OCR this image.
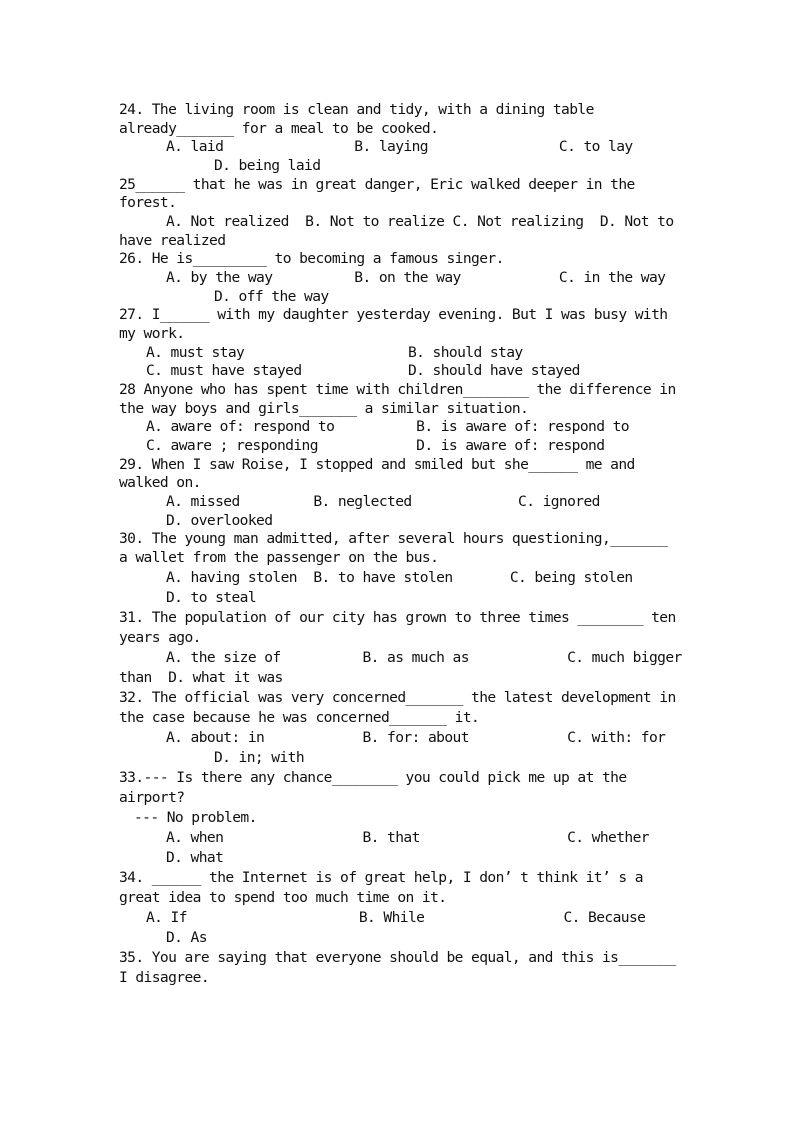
24. The living room is clean and tidy, with a dining table
already_______ for a meal to be cooked.
A. laid                B. laying                C. to lay
D. being laid
25______ that he was in great danger, Eric walked deeper in the
forest.
A. Not realized  B. Not to realize C. Not realizing  D. Not to
have realized
26. He is_________ to becoming a famous singer.
A. by the way          B. on the way            C. in the way
D. off the way
27. I______ with my daughter yesterday evening. But I was busy with
my work.
A. must stay                    B. should stay
C. must have stayed             D. should have stayed
28 Anyone who has spent time with children________ the difference in
the way boys and girls_______ a similar situation.
A. aware of: respond to          B. is aware of: respond to
C. aware ; responding            D. is aware of: respond
29. When I saw Roise, I stopped and smiled but she______ me and
walked on.
A. missed         B. neglected             C. ignored
D. overlooked
30. The young man admitted, after several hours questioning,_______
a wallet from the passenger on the bus.
A. having stolen  B. to have stolen       C. being stolen
D. to steal
31. The population of our city has grown to three times ________ ten
years ago.
A. the size of          B. as much as            C. much bigger
than  D. what it was
32. The official was very concerned_______ the latest development in
the case because he was concerned_______ it.
A. about: in            B. for: about            C. with: for
D. in; with
33.--- Is there any chance________ you could pick me up at the
airport?
--- No problem.
A. when                 B. that                  C. whether
D. what
34. ______ the Internet is of great help, I don’ t think it’ s a
great idea to spend too much time on it.
A. If                     B. While                 C. Because
D. As
35. You are saying that everyone should be equal, and this is_______
I disagree.
